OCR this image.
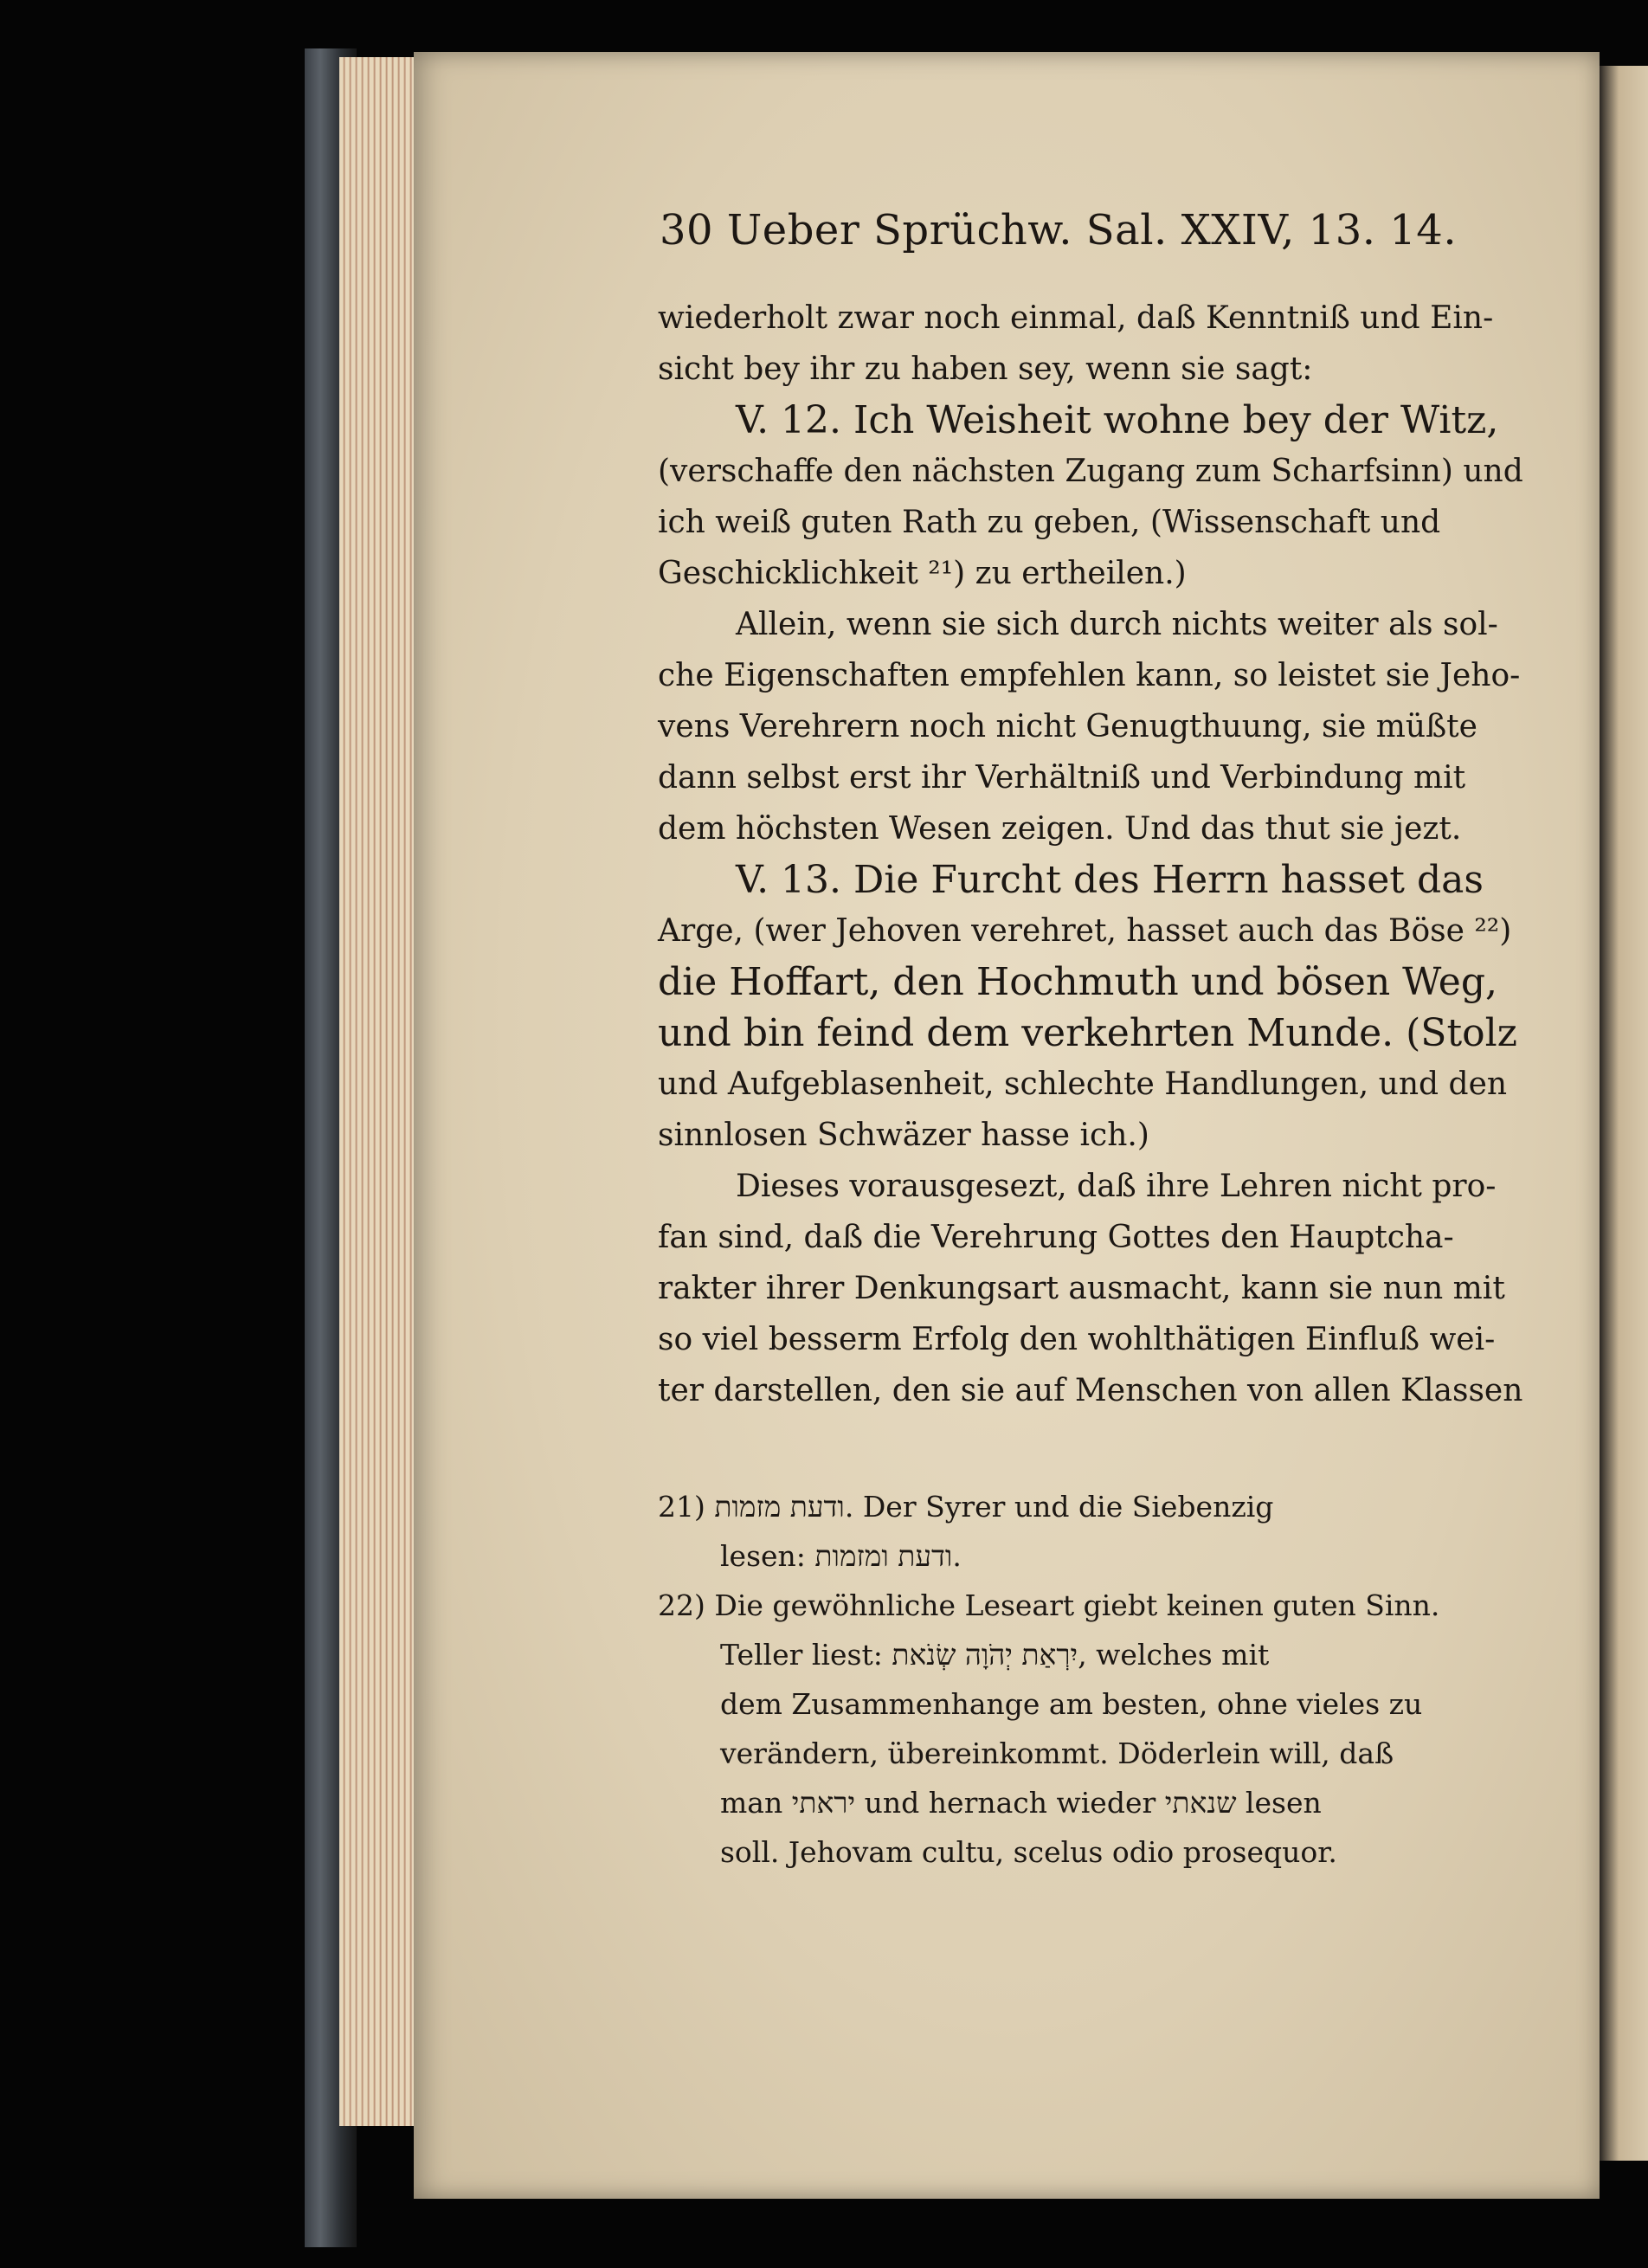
30 Ueber Sprüchw. Sal. XXIV, 13. 14.
wiederholt zwar noch einmal, daß Kenntniß und Ein-
sicht bey ihr zu haben sey, wenn sie sagt:
V. 12. Ich Weisheit wohne bey der Witz,
(verschaffe den nächsten Zugang zum Scharfsinn) und
ich weiß guten Rath zu geben, (Wissenschaft und
Geschicklichkeit ²¹) zu ertheilen.)
Allein, wenn sie sich durch nichts weiter als sol-
che Eigenschaften empfehlen kann, so leistet sie Jeho-
vens Verehrern noch nicht Genugthuung, sie müßte
dann selbst erst ihr Verhältniß und Verbindung mit
dem höchsten Wesen zeigen. Und das thut sie jezt.
V. 13. Die Furcht des Herrn hasset das
Arge, (wer Jehoven verehret, hasset auch das Böse ²²)
die Hoffart, den Hochmuth und bösen Weg,
und bin feind dem verkehrten Munde. (Stolz
und Aufgeblasenheit, schlechte Handlungen, und den
sinnlosen Schwäzer hasse ich.)
Dieses vorausgesezt, daß ihre Lehren nicht pro-
fan sind, daß die Verehrung Gottes den Hauptcha-
rakter ihrer Denkungsart ausmacht, kann sie nun mit
so viel besserm Erfolg den wohlthätigen Einfluß wei-
ter darstellen, den sie auf Menschen von allen Klassen
21) ודעת מזמות. Der Syrer und die Siebenzig
lesen: ודעת ומזמות.
22) Die gewöhnliche Leseart giebt keinen guten Sinn.
Teller liest: יִרְאַת יְהֹוָה שְׂנֹאת, welches mit
dem Zusammenhange am besten, ohne vieles zu
verändern, übereinkommt. Döderlein will, daß
man יראתי und hernach wieder שנאתי lesen
soll. Jehovam cultu, scelus odio prosequor.
